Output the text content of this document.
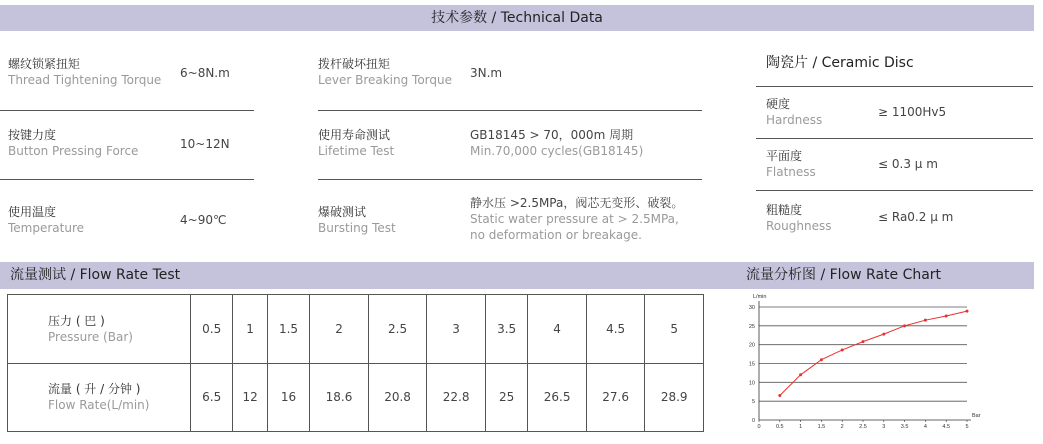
技术参数 / Technical Data
螺纹锁紧扭矩
Thread Tightening Torque 6~8N.m
按键力度
Button Pressing Force	10~12N
使用温度
Temperature
4~90℃
拨杆破坏扭矩
Lever Breaking Torque 3N.m
使用寿命测试
Lifetime Test
GB18145 > 70，000m 周期
Min.70,000 cycles(GB18145)
爆破测试
Bursting Test
静水压 >2.5MPa，阀芯无变形、破裂。
Static water pressure at > 2.5MPa,
no deformation or breakage.
陶瓷片 / Ceramic Disc
硬度
Hardness
≥ 1100Hv5
平面度
Flatness
≤ 0.3 μ m
粗糙度
Roughness
≤ Ra0.2 μ m
流量测试 / Flow Rate Test	流量分析图 / Flow Rate Chart
压力 ( 巴 )
Pressure (Bar)	0.5	1	1.5	2	2.5	3	3.5	4	4.5	5

流量 ( 升 / 分钟 )
Flow Rate(L/min)	6.5	12	16	18.6	20.8	22.8	25	26.5	27.6	28.9
0
5
10
15
20
25
30
0	0.5	1	1.5	2	2.5	3	3.5	4	4.5	5
L/min
Bar
